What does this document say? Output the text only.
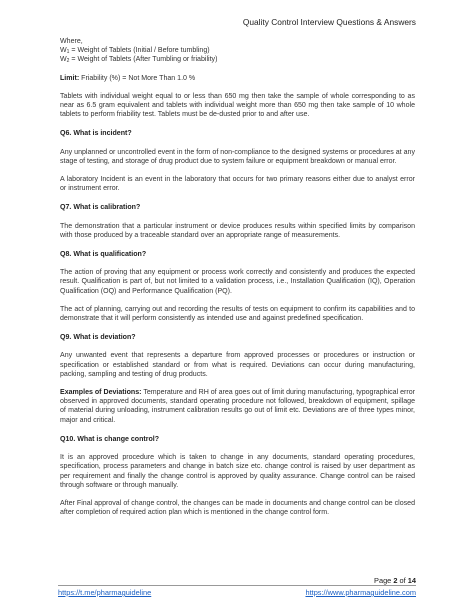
Quality Control Interview Questions & Answers

Where,

$W_1$ = Weight of Tablets (Initial / Before tumbling)

$W_2$ = Weight of Tablets (After Tumbling or friability)

Limit: Friability (%) = Not More Than 1.0 %

Tablets with individual weight equal to or less than 650 mg then take the sample of whole corresponding to as near as 6.5 gram equivalent and tablets with individual weight more than 650 mg then take sample of 10 whole tablets to perform friability test. Tablets must be de-dusted prior to and after use.

Q6. What is incident?

Any unplanned or uncontrolled event in the form of non-compliance to the designed systems or procedures at any stage of testing, and storage of drug product due to system failure or equipment breakdown or manual error.

A laboratory Incident is an event in the laboratory that occurs for two primary reasons either due to analyst error or instrument error.

Q7. What is calibration?

The demonstration that a particular instrument or device produces results within specified limits by comparison with those produced by a traceable standard over an appropriate range of measurements.

Q8. What is qualification?

The action of proving that any equipment or process work correctly and consistently and produces the expected result. Qualification is part of, but not limited to a validation process, i.e., Installation Qualification (IQ), Operation Qualification (OQ) and Performance Qualification (PQ).

The act of planning, carrying out and recording the results of tests on equipment to confirm its capabilities and to demonstrate that it will perform consistently as intended use and against predefined specification.

Q9. What is deviation?

Any unwanted event that represents a departure from approved processes or procedures or instruction or specification or established standard or from what is required. Deviations can occur during manufacturing, packing, sampling and testing of drug products.

Examples of Deviations: Temperature and RH of area goes out of limit during manufacturing, typographical error observed in approved documents, standard operating procedure not followed, breakdown of equipment, spillage of material during unloading, instrument calibration results go out of limit etc. Deviations are of three types minor, major and critical.

Q10. What is change control?

It is an approved procedure which is taken to change in any documents, standard operating procedures, specification, process parameters and change in batch size etc. change control is raised by user department as per requirement and finally the change control is approved by quality assurance. Change control can be raised through software or through manually.

After Final approval of change control, the changes can be made in documents and change control can be closed after completion of required action plan which is mentioned in the change control form.

Page 2 of 14
https://t.me/pharmaguideline	https://www.pharmaguideline.com
